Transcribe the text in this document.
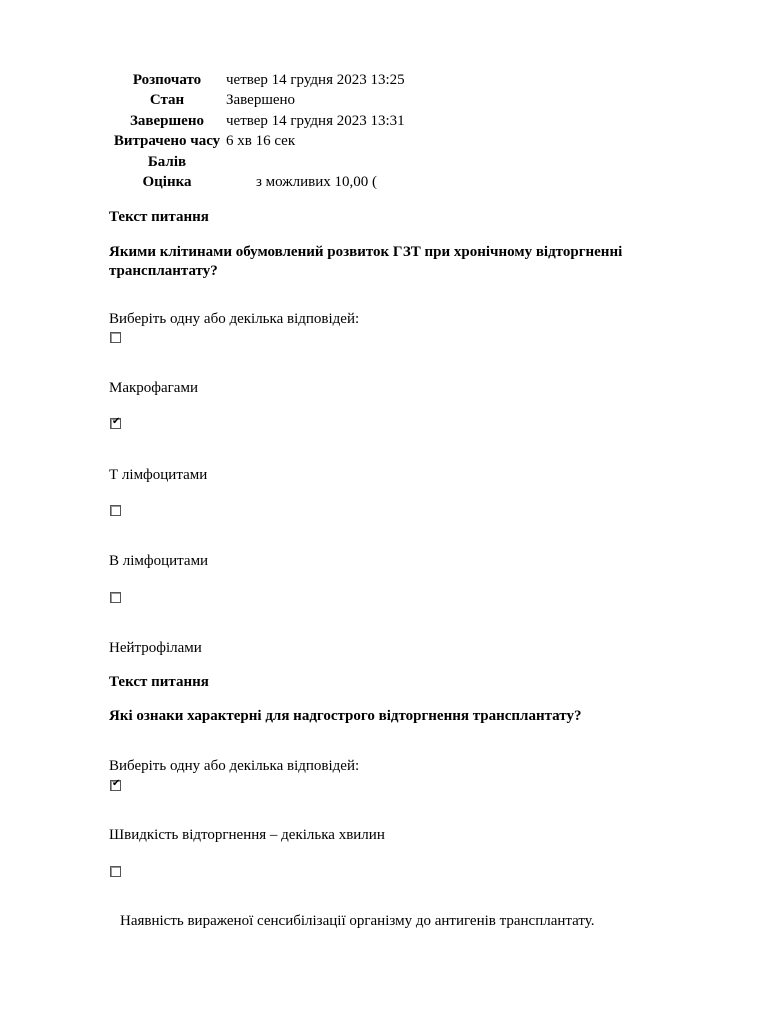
Розпочато	четвер 14 грудня 2023 13:25
Стан	Завершено
Завершено	четвер 14 грудня 2023 13:31
Витрачено часу	6 хв 16 сек
Балів	
Оцінка	з можливих 10,00 (
Текст питання
Якими клітинами обумовлений розвиток ГЗТ при хронічному відторгненні трансплантату?
Виберіть одну або декілька відповідей:
Макрофагами
✔
Т лімфоцитами
В лімфоцитами
Нейтрофілами
Текст питання
Які ознаки характерні для надгострого відторгнення трансплантату?
Виберіть одну або декілька відповідей:
✔
Швидкість відторгнення – декілька хвилин
Наявність вираженої сенсибілізації організму до антигенів трансплантату.
